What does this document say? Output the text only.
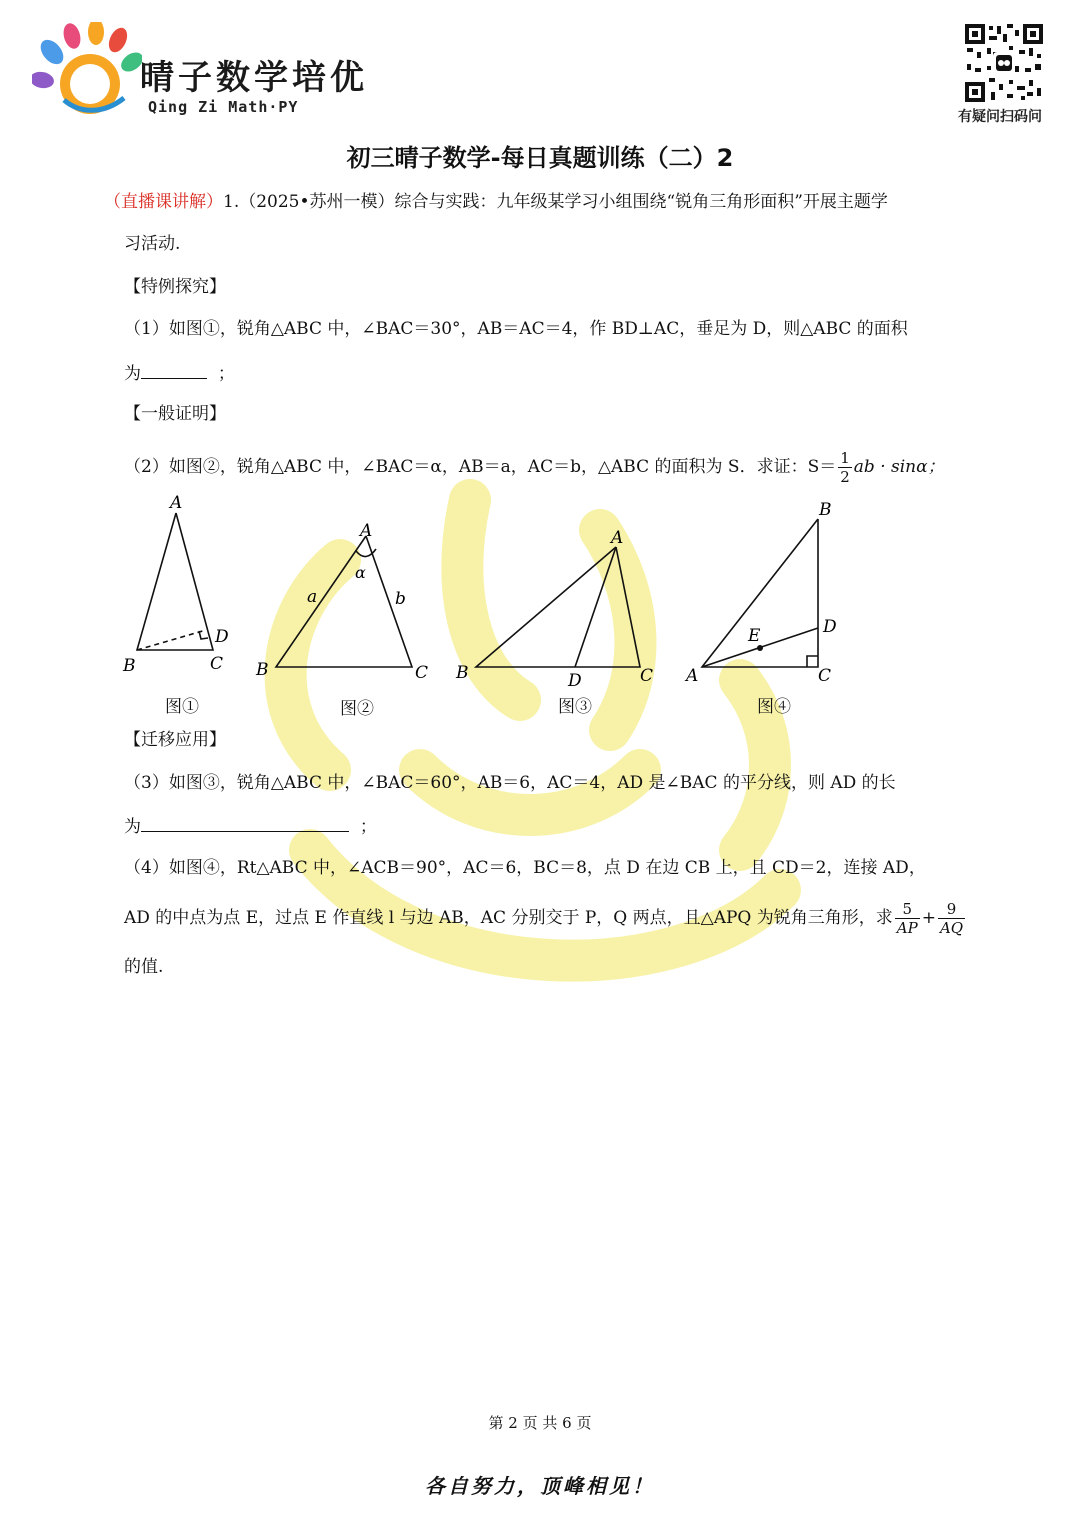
晴子数学培优
Qing Zi Math·PY
有疑问扫码问
初三晴子数学-每日真题训练（二）2
（直播课讲解）1.（2025•苏州一模）综合与实践：九年级某学习小组围绕“锐角三角形面积”开展主题学
习活动.
【特例探究】
（1）如图①，锐角△ABC 中，∠BAC＝30°，AB＝AC＝4，作 BD⊥AC，垂足为 D，则△ABC 的面积
为	；
【一般证明】
（2）如图②，锐角△ABC 中，∠BAC＝α，AB＝a，AC＝b，△ABC 的面积为 S．求证：$S= \frac{1}{2}$ ab · sinα；
A
B	C
D
图①
A
α
a	b
B	C
图②
A
B	D	C
图③
B
D
E
A	C
图④
【迁移应用】
（3）如图③，锐角△ABC 中，∠BAC＝60°，AB＝6，AC＝4，AD 是∠BAC 的平分线，则 AD 的长
为	；
（4）如图④，Rt△ABC 中，∠ACB＝90°，AC＝6，BC＝8，点 D 在边 CB 上，且 CD＝2，连接 AD，
AD 的中点为点 E，过点 E 作直线 l 与边 AB，AC 分别交于 P，Q 两点，且△APQ 为锐角三角形，求 $\frac{5}{AP} + \frac{9}{AQ}$
的值.
第 2 页 共 6 页
各自努力，顶峰相见！
